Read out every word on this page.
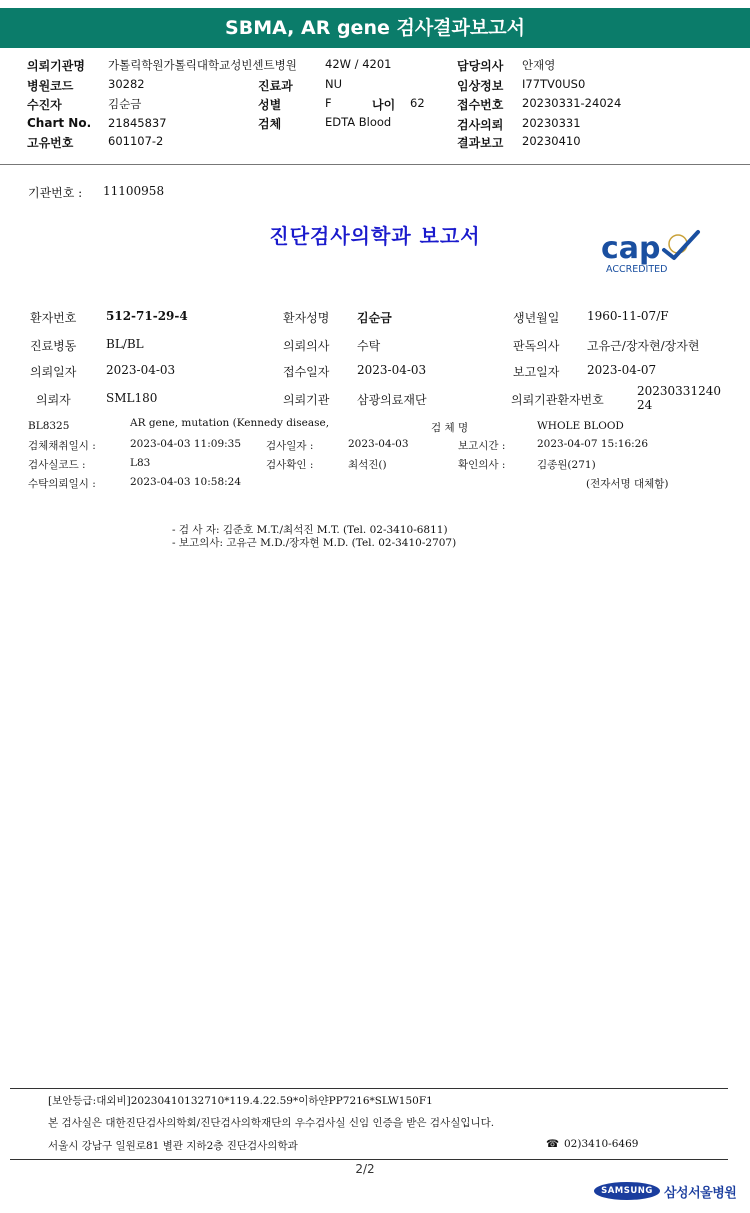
SBMA, AR gene 검사결과보고서
의뢰기관명 가톨릭학원가톨릭대학교성빈센트병원	42W / 4201	담당의사 안재영
병원코드	30282	진료과	NU	임상정보 I77TV0US0
수진자	김순금	성별	F	나이 62	접수번호 20230331-24024
Chart No. 21845837	검체	EDTA Blood	검사의뢰 20230331
고유번호	601107-2	결과보고 20230410
기관번호 : 11100958
진단검사의학과 보고서	cap
ACCREDITED
환자번호 512-71-29-4	환자성명 김순금	생년월일 1960-11-07/F
진료병동 BL/BL	의뢰의사 수탁	판독의사 고유근/장자현/장자현
의뢰일자 2023-04-03	접수일자 2023-04-03	보고일자 2023-04-07
의뢰자	SML180	의뢰기관 삼광의료재단	의뢰기관환자번호
2023033124024
BL8325	AR gene, mutation (Kennedy disease,	검 체 명	WHOLE BLOOD
검체채취일시 :	2023-04-03 11:09:35 검사일자 :	2023-04-03	보고시간 :	2023-04-07 15:16:26
검사실코드 :	L83	검사확인 :	최석진()	확인의사 :	김종원(271)
수탁의뢰일시 :	2023-04-03 10:58:24	(전자서명 대체함)
- 검 사 자: 김준호 M.T./최석진 M.T. (Tel. 02-3410-6811)
- 보고의사: 고유근 M.D./장자현 M.D. (Tel. 02-3410-2707)
[보안등급:대외비]20230410132710*119.4.22.59*이하얀PP7216*SLW150F1
본 검사실은 대한진단검사의학회/진단검사의학재단의 우수검사실 신임 인증을 받은 검사실입니다.
서울시 강남구 일원로81 별관 지하2층 진단검사의학과	☎ 02)3410-6469
2/2
SAMSUNG 삼성서울병원
